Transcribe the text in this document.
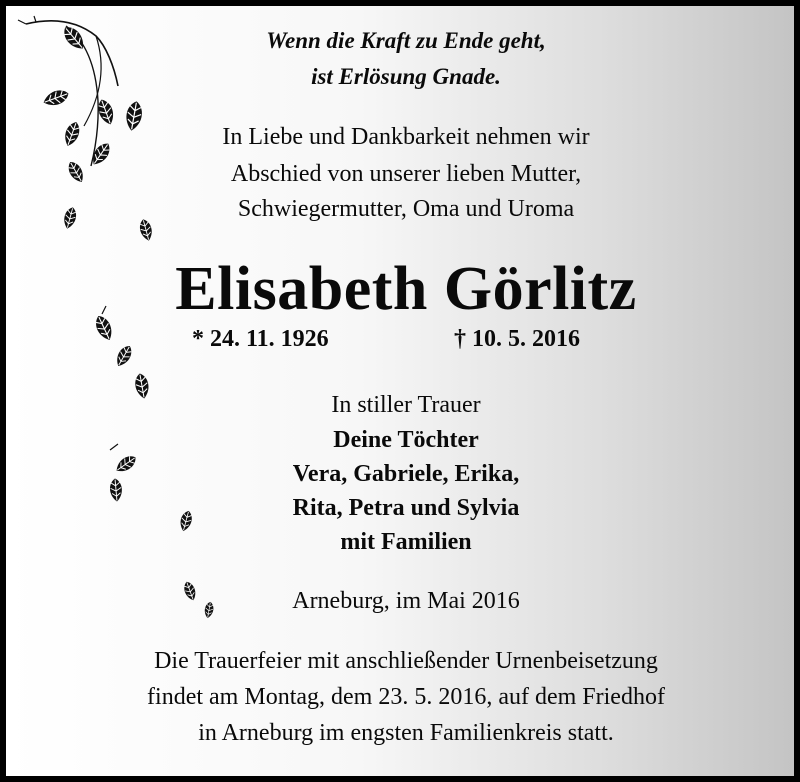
Wenn die Kraft zu Ende geht,
ist Erlösung Gnade.
In Liebe und Dankbarkeit nehmen wir
Abschied von unserer lieben Mutter,
Schwiegermutter, Oma und Uroma
Elisabeth Görlitz
* 24. 11. 1926	† 10. 5. 2016
In stiller Trauer
Deine Töchter
Vera, Gabriele, Erika,
Rita, Petra und Sylvia
mit Familien
Arneburg, im Mai 2016
Die Trauerfeier mit anschließender Urnenbeisetzung
findet am Montag, dem 23. 5. 2016, auf dem Friedhof
in Arneburg im engsten Familienkreis statt.
